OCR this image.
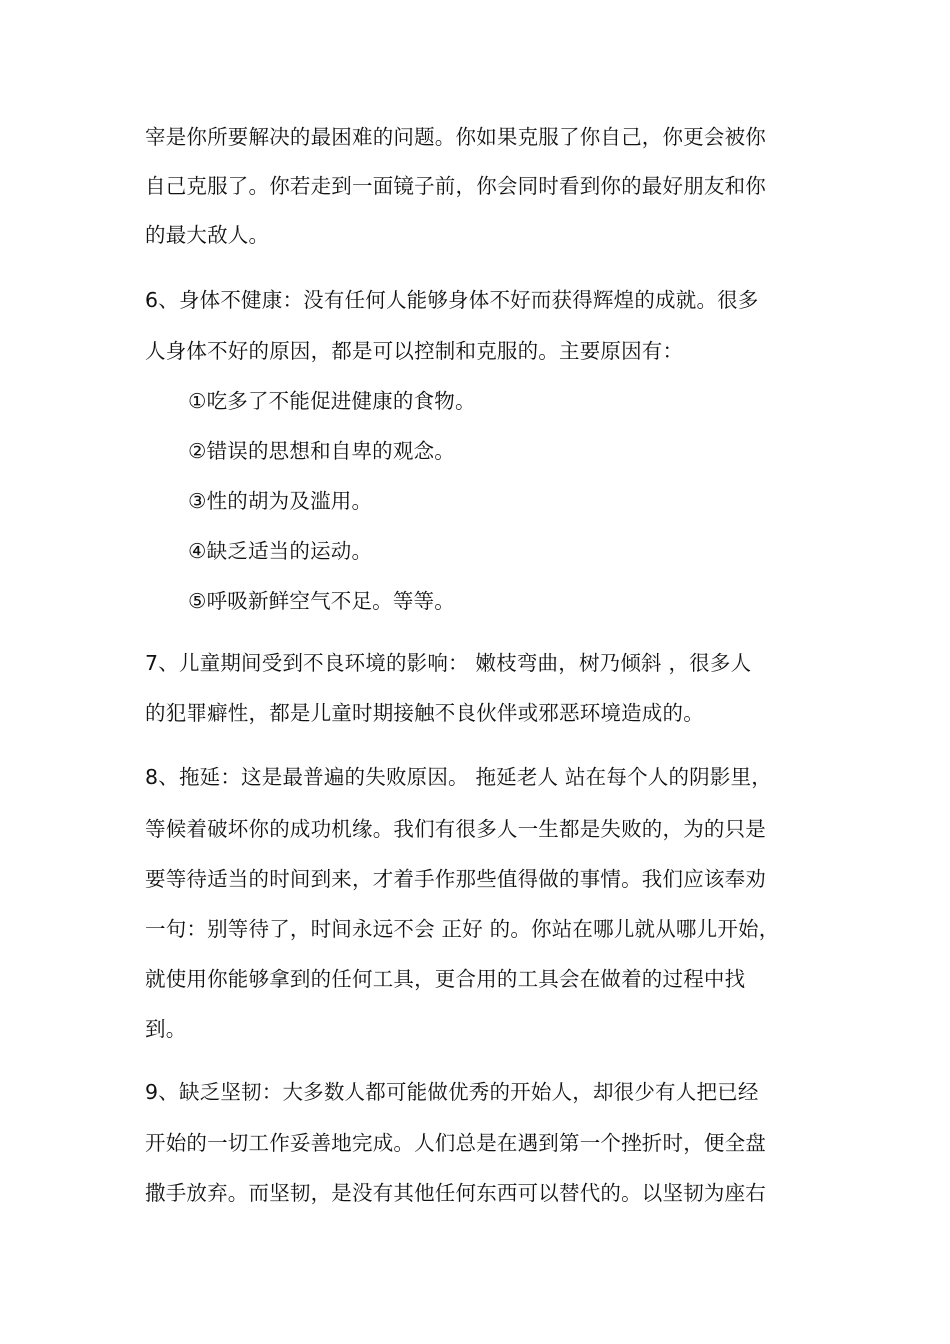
宰是你所要解决的最困难的问题。你如果克服了你自己，你更会被你
自己克服了。你若走到一面镜子前，你会同时看到你的最好朋友和你
的最大敌人。
6、身体不健康：没有任何人能够身体不好而获得辉煌的成就。很多
人身体不好的原因，都是可以控制和克服的。主要原因有：
①吃多了不能促进健康的食物。
②错误的思想和自卑的观念。
③性的胡为及滥用。
④缺乏适当的运动。
⑤呼吸新鲜空气不足。等等。
7、儿童期间受到不良环境的影响： 嫩枝弯曲，树乃倾斜 ，很多人
的犯罪癖性，都是儿童时期接触不良伙伴或邪恶环境造成的。
8、拖延：这是最普遍的失败原因。 拖延老人 站在每个人的阴影里，
等候着破坏你的成功机缘。我们有很多人一生都是失败的，为的只是
要等待适当的时间到来，才着手作那些值得做的事情。我们应该奉劝
一句：别等待了，时间永远不会 正好 的。你站在哪儿就从哪儿开始，
就使用你能够拿到的任何工具，更合用的工具会在做着的过程中找
到。
9、缺乏坚韧：大多数人都可能做优秀的开始人，却很少有人把已经
开始的一切工作妥善地完成。人们总是在遇到第一个挫折时，便全盘
撒手放弃。而坚韧，是没有其他任何东西可以替代的。以坚韧为座右
